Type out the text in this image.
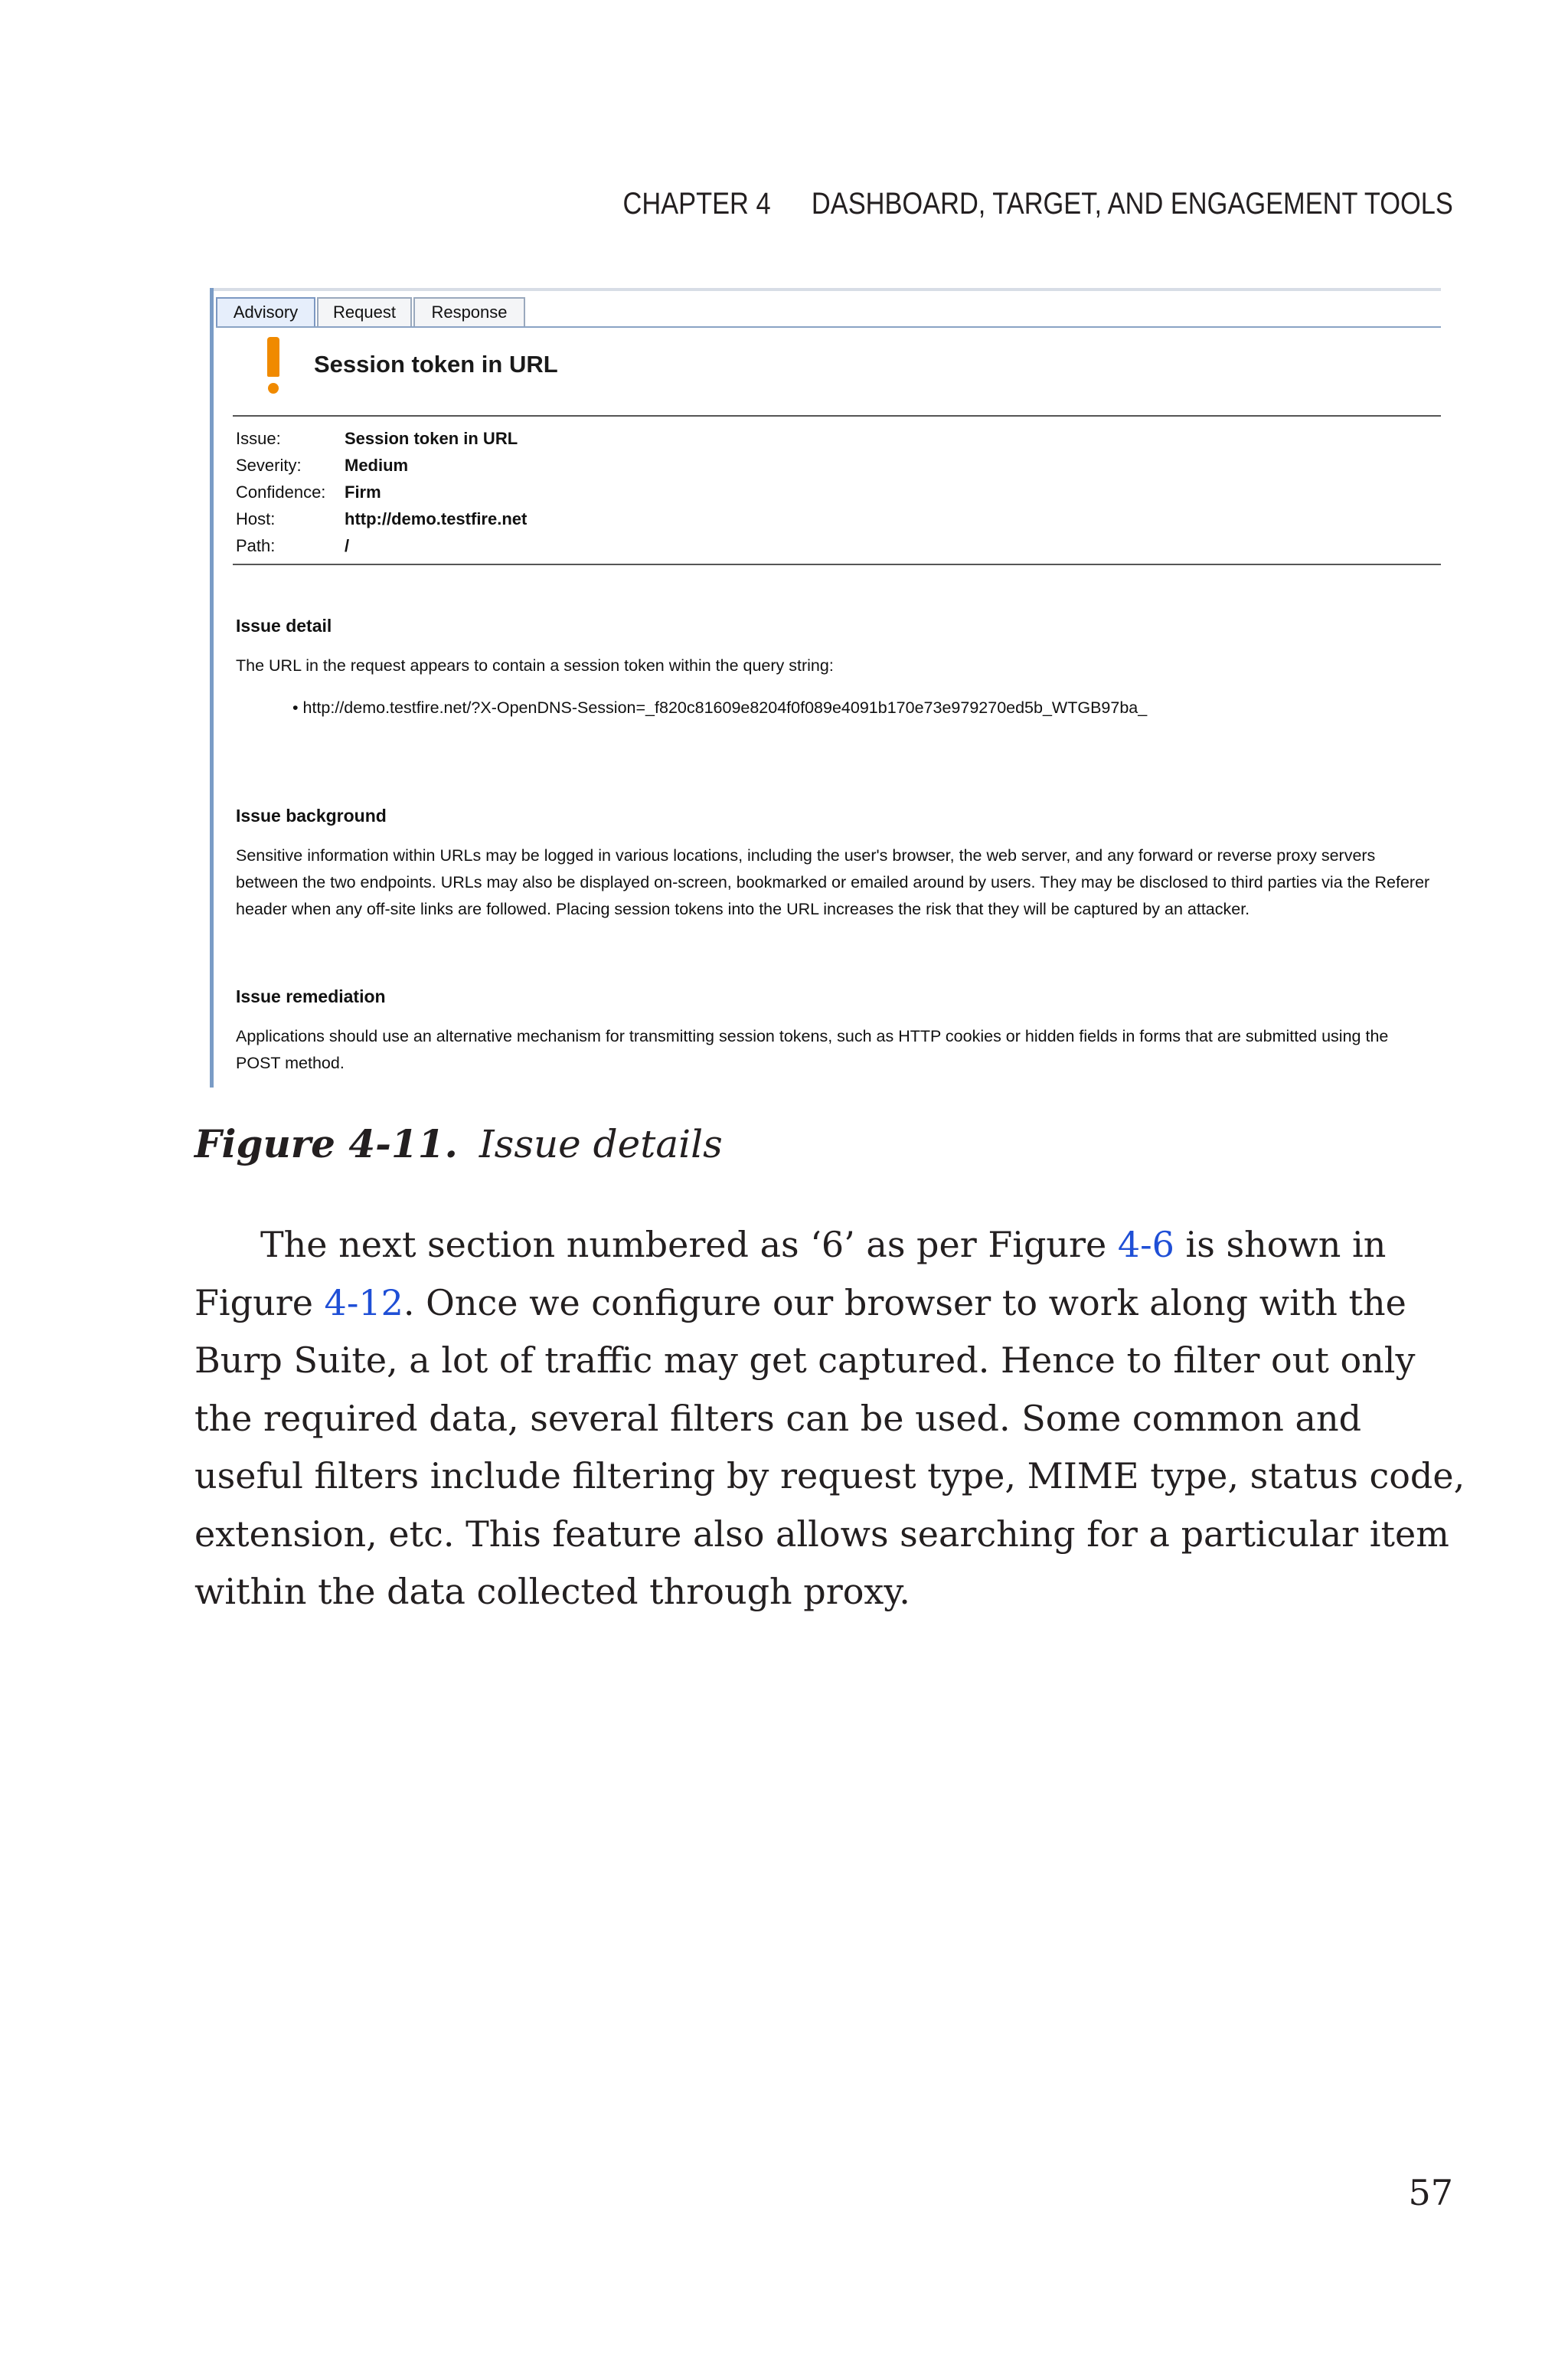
CHAPTER 4 DASHBOARD, TARGET, AND ENGAGEMENT TOOLS
Advisory	Request	Response
Session token in URL
Issue:	Session token in URL
Severity:	Medium
Confidence: Firm
Host:	http://demo.testfire.net
Path:	/
Issue detail
The URL in the request appears to contain a session token within the query string:
• http://demo.testfire.net/?X-OpenDNS-Session=_f820c81609e8204f0f089e4091b170e73e979270ed5b_WTGB97ba_
Issue background
Sensitive information within URLs may be logged in various locations, including the user's browser, the web server, and any forward or reverse proxy servers between the two endpoints. URLs may also be displayed on-screen, bookmarked or emailed around by users. They may be disclosed to third parties via the Referer header when any off-site links are followed. Placing session tokens into the URL increases the risk that they will be captured by an attacker.
Issue remediation
Applications should use an alternative mechanism for transmitting session tokens, such as HTTP cookies or hidden fields in forms that are submitted using the POST method.
Figure 4-11. Issue details

The next section numbered as ‘6’ as per Figure 4-6 is shown in Figure 4-12. Once we configure our browser to work along with the Burp Suite, a lot of traffic may get captured. Hence to filter out only the required data, several filters can be used. Some common and useful filters include filtering by request type, MIME type, status code, extension, etc. This feature also allows searching for a particular item within the data collected through proxy.

57
